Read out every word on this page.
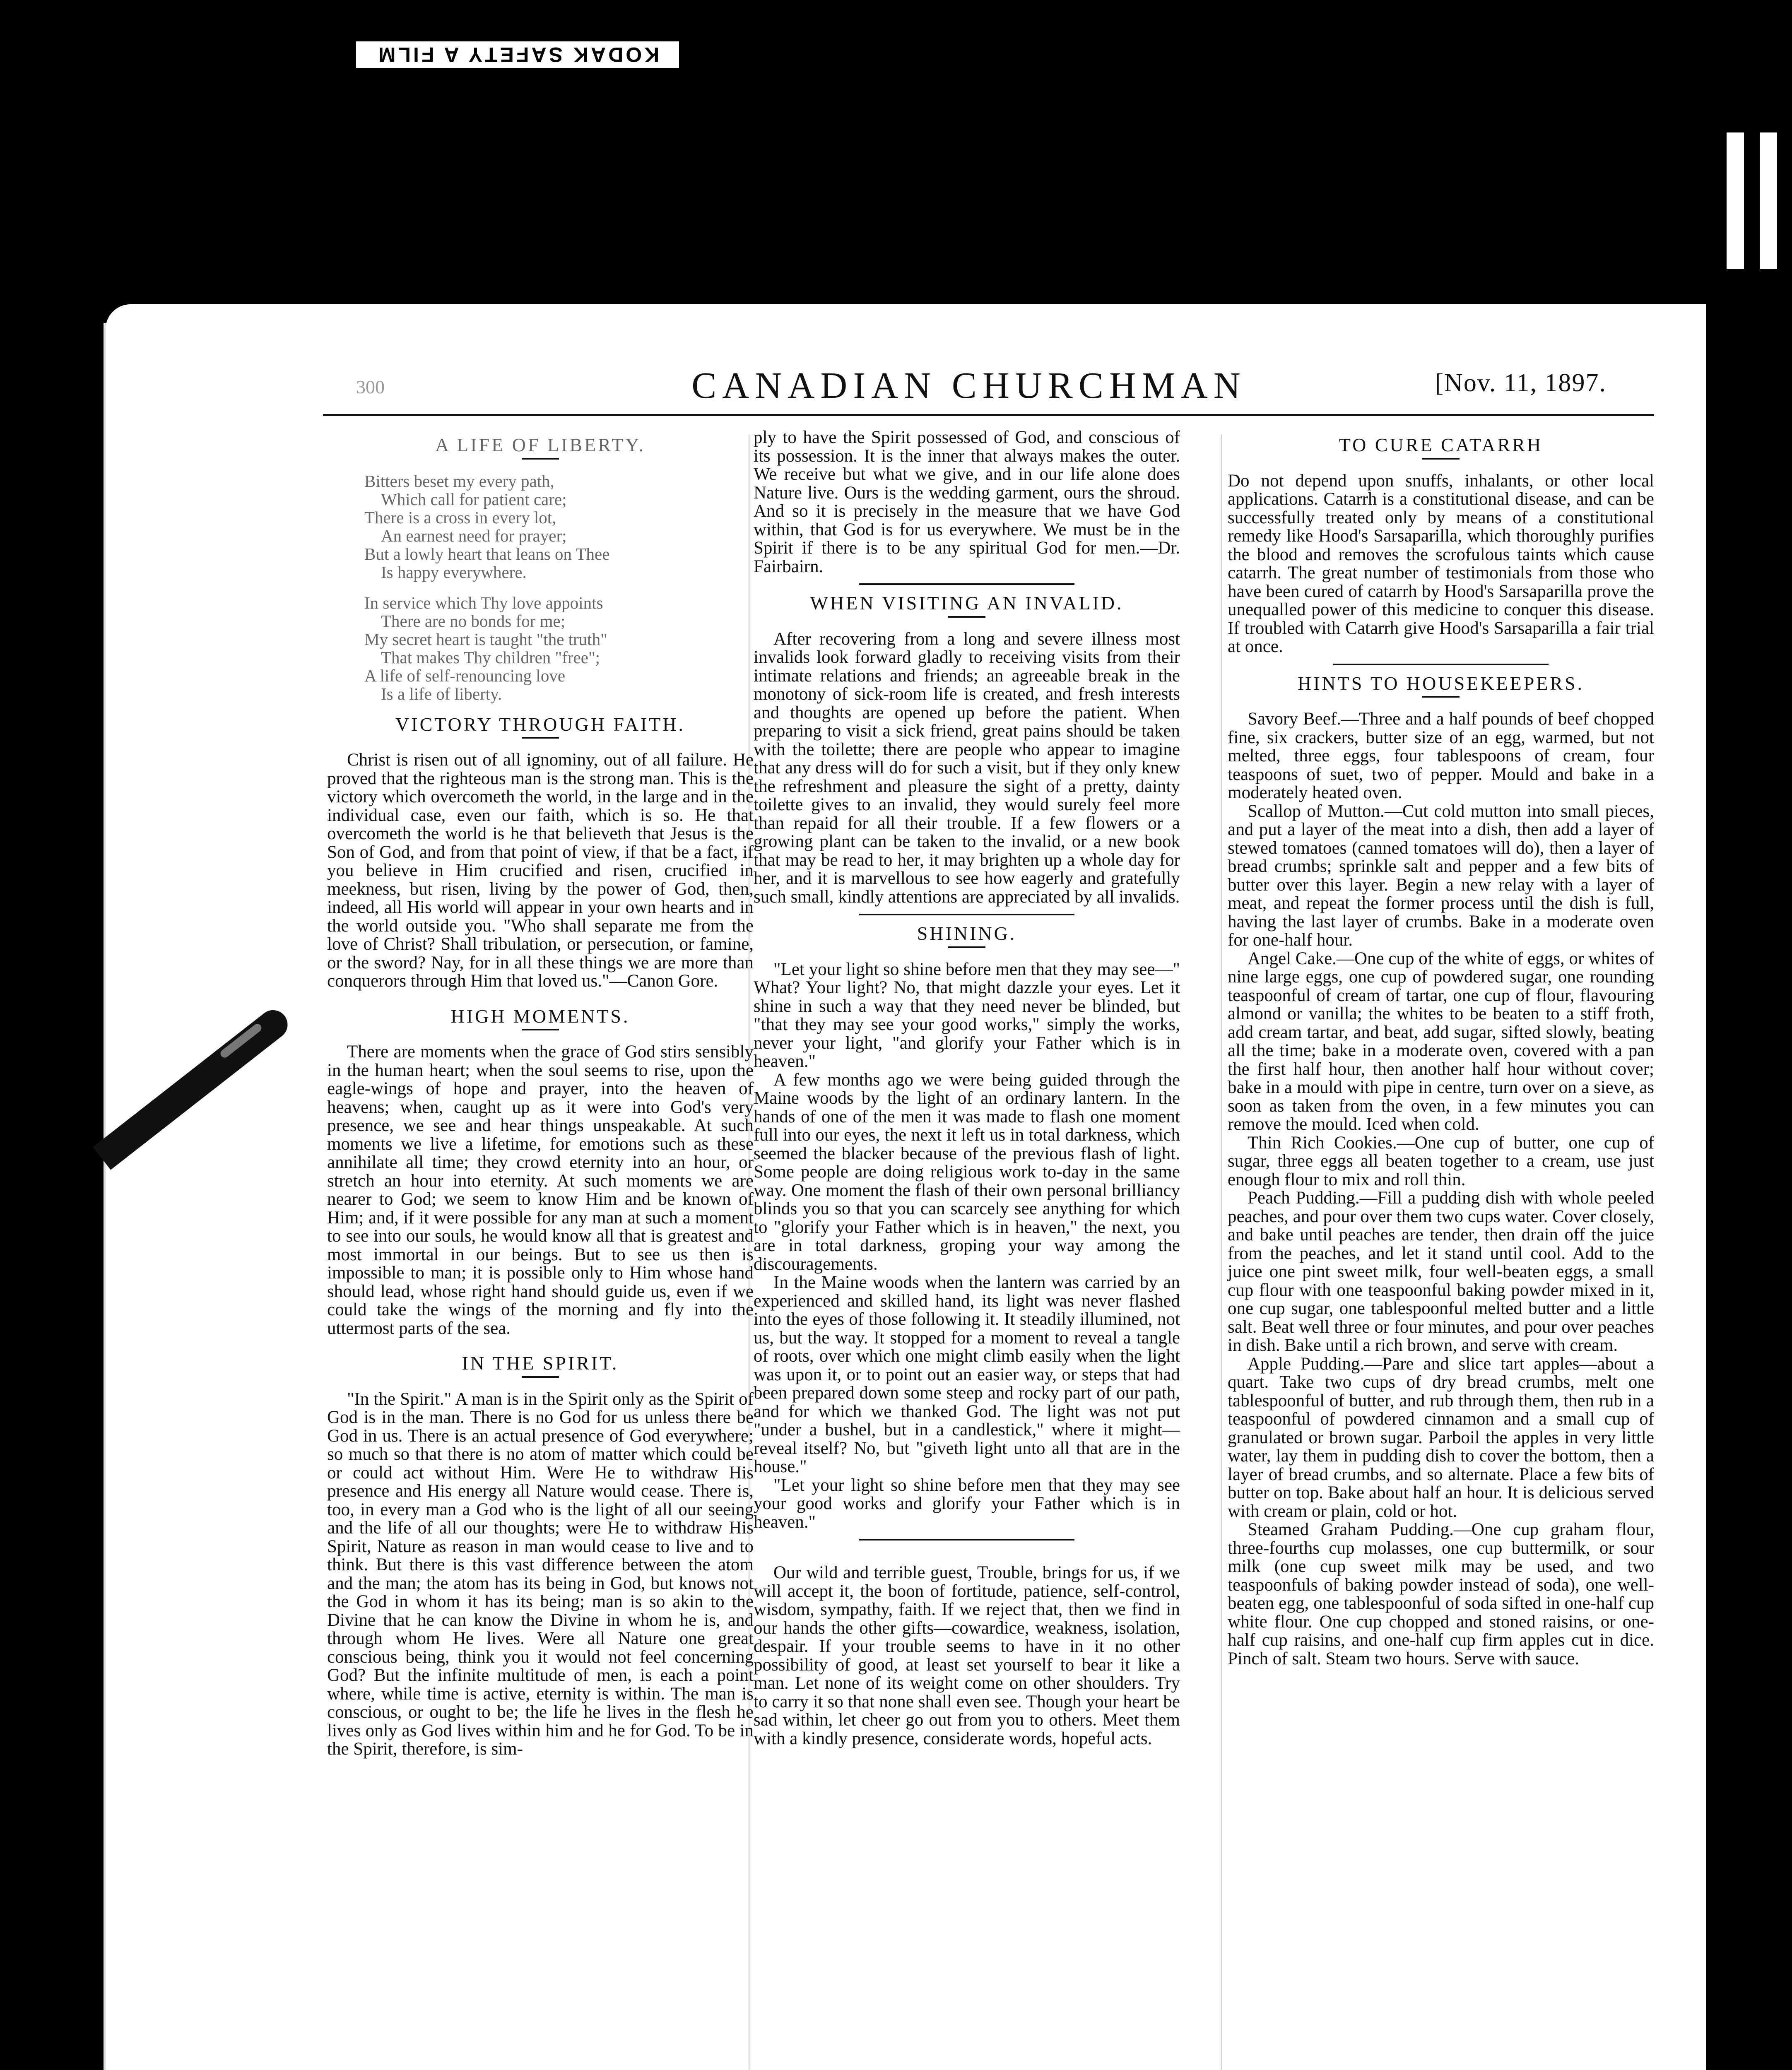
KODAK SAFETY A FILM
300	CANADIAN CHURCHMAN	[Nov. 11, 1897.
A LIFE OF LIBERTY.
Bitters beset my every path,
Which call for patient care;
There is a cross in every lot,
An earnest need for prayer;
But a lowly heart that leans on Thee
Is happy everywhere.
In service which Thy love appoints
There are no bonds for me;
My secret heart is taught "the truth"
That makes Thy children "free";
A life of self-renouncing love
Is a life of liberty.
VICTORY THROUGH FAITH.

Christ is risen out of all ignominy, out of all failure. He proved that the righteous man is the strong man. This is the victory which overcometh the world, in the large and in the individual case, even our faith, which is so. He that overcometh the world is he that believeth that Jesus is the Son of God, and from that point of view, if that be a fact, if you believe in Him crucified and risen, crucified in meekness, but risen, living by the power of God, then, indeed, all His world will appear in your own hearts and in the world outside you. "Who shall separate me from the love of Christ? Shall tribulation, or persecution, or famine, or the sword? Nay, for in all these things we are more than conquerors through Him that loved us."—Canon Gore.

HIGH MOMENTS.

There are moments when the grace of God stirs sensibly in the human heart; when the soul seems to rise, upon the eagle-wings of hope and prayer, into the heaven of heavens; when, caught up as it were into God's very presence, we see and hear things unspeakable. At such moments we live a lifetime, for emotions such as these annihilate all time; they crowd eternity into an hour, or stretch an hour into eternity. At such moments we are nearer to God; we seem to know Him and be known of Him; and, if it were possible for any man at such a moment to see into our souls, he would know all that is greatest and most immortal in our beings. But to see us then is impossible to man; it is possible only to Him whose hand should lead, whose right hand should guide us, even if we could take the wings of the morning and fly into the uttermost parts of the sea.

IN THE SPIRIT.

"In the Spirit." A man is in the Spirit only as the Spirit of God is in the man. There is no God for us unless there be God in us. There is an actual presence of God everywhere; so much so that there is no atom of matter which could be or could act without Him. Were He to withdraw His presence and His energy all Nature would cease. There is, too, in every man a God who is the light of all our seeing and the life of all our thoughts; were He to withdraw His Spirit, Nature as reason in man would cease to live and to think. But there is this vast difference between the atom and the man; the atom has its being in God, but knows not the God in whom it has its being; man is so akin to the Divine that he can know the Divine in whom he is, and through whom He lives. Were all Nature one great conscious being, think you it would not feel concerning God? But the infinite multitude of men, is each a point where, while time is active, eternity is within. The man is conscious, or ought to be; the life he lives in the flesh he lives only as God lives within him and he for God. To be in the Spirit, therefore, is sim-

ply to have the Spirit possessed of God, and conscious of its possession. It is the inner that always makes the outer. We receive but what we give, and in our life alone does Nature live. Ours is the wedding garment, ours the shroud. And so it is precisely in the measure that we have God within, that God is for us everywhere. We must be in the Spirit if there is to be any spiritual God for men.—Dr. Fairbairn.

WHEN VISITING AN INVALID.

After recovering from a long and severe illness most invalids look forward gladly to receiving visits from their intimate relations and friends; an agreeable break in the monotony of sick-room life is created, and fresh interests and thoughts are opened up before the patient. When preparing to visit a sick friend, great pains should be taken with the toilette; there are people who appear to imagine that any dress will do for such a visit, but if they only knew the refreshment and pleasure the sight of a pretty, dainty toilette gives to an invalid, they would surely feel more than repaid for all their trouble. If a few flowers or a growing plant can be taken to the invalid, or a new book that may be read to her, it may brighten up a whole day for her, and it is marvellous to see how eagerly and gratefully such small, kindly attentions are appreciated by all invalids.

SHINING.

"Let your light so shine before men that they may see—" What? Your light? No, that might dazzle your eyes. Let it shine in such a way that they need never be blinded, but "that they may see your good works," simply the works, never your light, "and glorify your Father which is in heaven."

A few months ago we were being guided through the Maine woods by the light of an ordinary lantern. In the hands of one of the men it was made to flash one moment full into our eyes, the next it left us in total darkness, which seemed the blacker because of the previous flash of light. Some people are doing religious work to-day in the same way. One moment the flash of their own personal brilliancy blinds you so that you can scarcely see anything for which to "glorify your Father which is in heaven," the next, you are in total darkness, groping your way among the discouragements.

In the Maine woods when the lantern was carried by an experienced and skilled hand, its light was never flashed into the eyes of those following it. It steadily illumined, not us, but the way. It stopped for a moment to reveal a tangle of roots, over which one might climb easily when the light was upon it, or to point out an easier way, or steps that had been prepared down some steep and rocky part of our path, and for which we thanked God. The light was not put "under a bushel, but in a candlestick," where it might—reveal itself? No, but "giveth light unto all that are in the house."

"Let your light so shine before men that they may see your good works and glorify your Father which is in heaven."

Our wild and terrible guest, Trouble, brings for us, if we will accept it, the boon of fortitude, patience, self-control, wisdom, sympathy, faith. If we reject that, then we find in our hands the other gifts—cowardice, weakness, isolation, despair. If your trouble seems to have in it no other possibility of good, at least set yourself to bear it like a man. Let none of its weight come on other shoulders. Try to carry it so that none shall even see. Though your heart be sad within, let cheer go out from you to others. Meet them with a kindly presence, considerate words, hopeful acts.

TO CURE CATARRH

Do not depend upon snuffs, inhalants, or other local applications. Catarrh is a constitutional disease, and can be successfully treated only by means of a constitutional remedy like Hood's Sarsaparilla, which thoroughly purifies the blood and removes the scrofulous taints which cause catarrh. The great number of testimonials from those who have been cured of catarrh by Hood's Sarsaparilla prove the unequalled power of this medicine to conquer this disease. If troubled with Catarrh give Hood's Sarsaparilla a fair trial at once.

HINTS TO HOUSEKEEPERS.

Savory Beef.—Three and a half pounds of beef chopped fine, six crackers, butter size of an egg, warmed, but not melted, three eggs, four tablespoons of cream, four teaspoons of suet, two of pepper. Mould and bake in a moderately heated oven.

Scallop of Mutton.—Cut cold mutton into small pieces, and put a layer of the meat into a dish, then add a layer of stewed tomatoes (canned tomatoes will do), then a layer of bread crumbs; sprinkle salt and pepper and a few bits of butter over this layer. Begin a new relay with a layer of meat, and repeat the former process until the dish is full, having the last layer of crumbs. Bake in a moderate oven for one-half hour.

Angel Cake.—One cup of the white of eggs, or whites of nine large eggs, one cup of powdered sugar, one rounding teaspoonful of cream of tartar, one cup of flour, flavouring almond or vanilla; the whites to be beaten to a stiff froth, add cream tartar, and beat, add sugar, sifted slowly, beating all the time; bake in a moderate oven, covered with a pan the first half hour, then another half hour without cover; bake in a mould with pipe in centre, turn over on a sieve, as soon as taken from the oven, in a few minutes you can remove the mould. Iced when cold.

Thin Rich Cookies.—One cup of butter, one cup of sugar, three eggs all beaten together to a cream, use just enough flour to mix and roll thin.

Peach Pudding.—Fill a pudding dish with whole peeled peaches, and pour over them two cups water. Cover closely, and bake until peaches are tender, then drain off the juice from the peaches, and let it stand until cool. Add to the juice one pint sweet milk, four well-beaten eggs, a small cup flour with one teaspoonful baking powder mixed in it, one cup sugar, one tablespoonful melted butter and a little salt. Beat well three or four minutes, and pour over peaches in dish. Bake until a rich brown, and serve with cream.

Apple Pudding.—Pare and slice tart apples—about a quart. Take two cups of dry bread crumbs, melt one tablespoonful of butter, and rub through them, then rub in a teaspoonful of powdered cinnamon and a small cup of granulated or brown sugar. Parboil the apples in very little water, lay them in pudding dish to cover the bottom, then a layer of bread crumbs, and so alternate. Place a few bits of butter on top. Bake about half an hour. It is delicious served with cream or plain, cold or hot.

Steamed Graham Pudding.—One cup graham flour, three-fourths cup molasses, one cup buttermilk, or sour milk (one cup sweet milk may be used, and two teaspoonfuls of baking powder instead of soda), one well-beaten egg, one tablespoonful of soda sifted in one-half cup white flour. One cup chopped and stoned raisins, or one-half cup raisins, and one-half cup firm apples cut in dice. Pinch of salt. Steam two hours. Serve with sauce.
